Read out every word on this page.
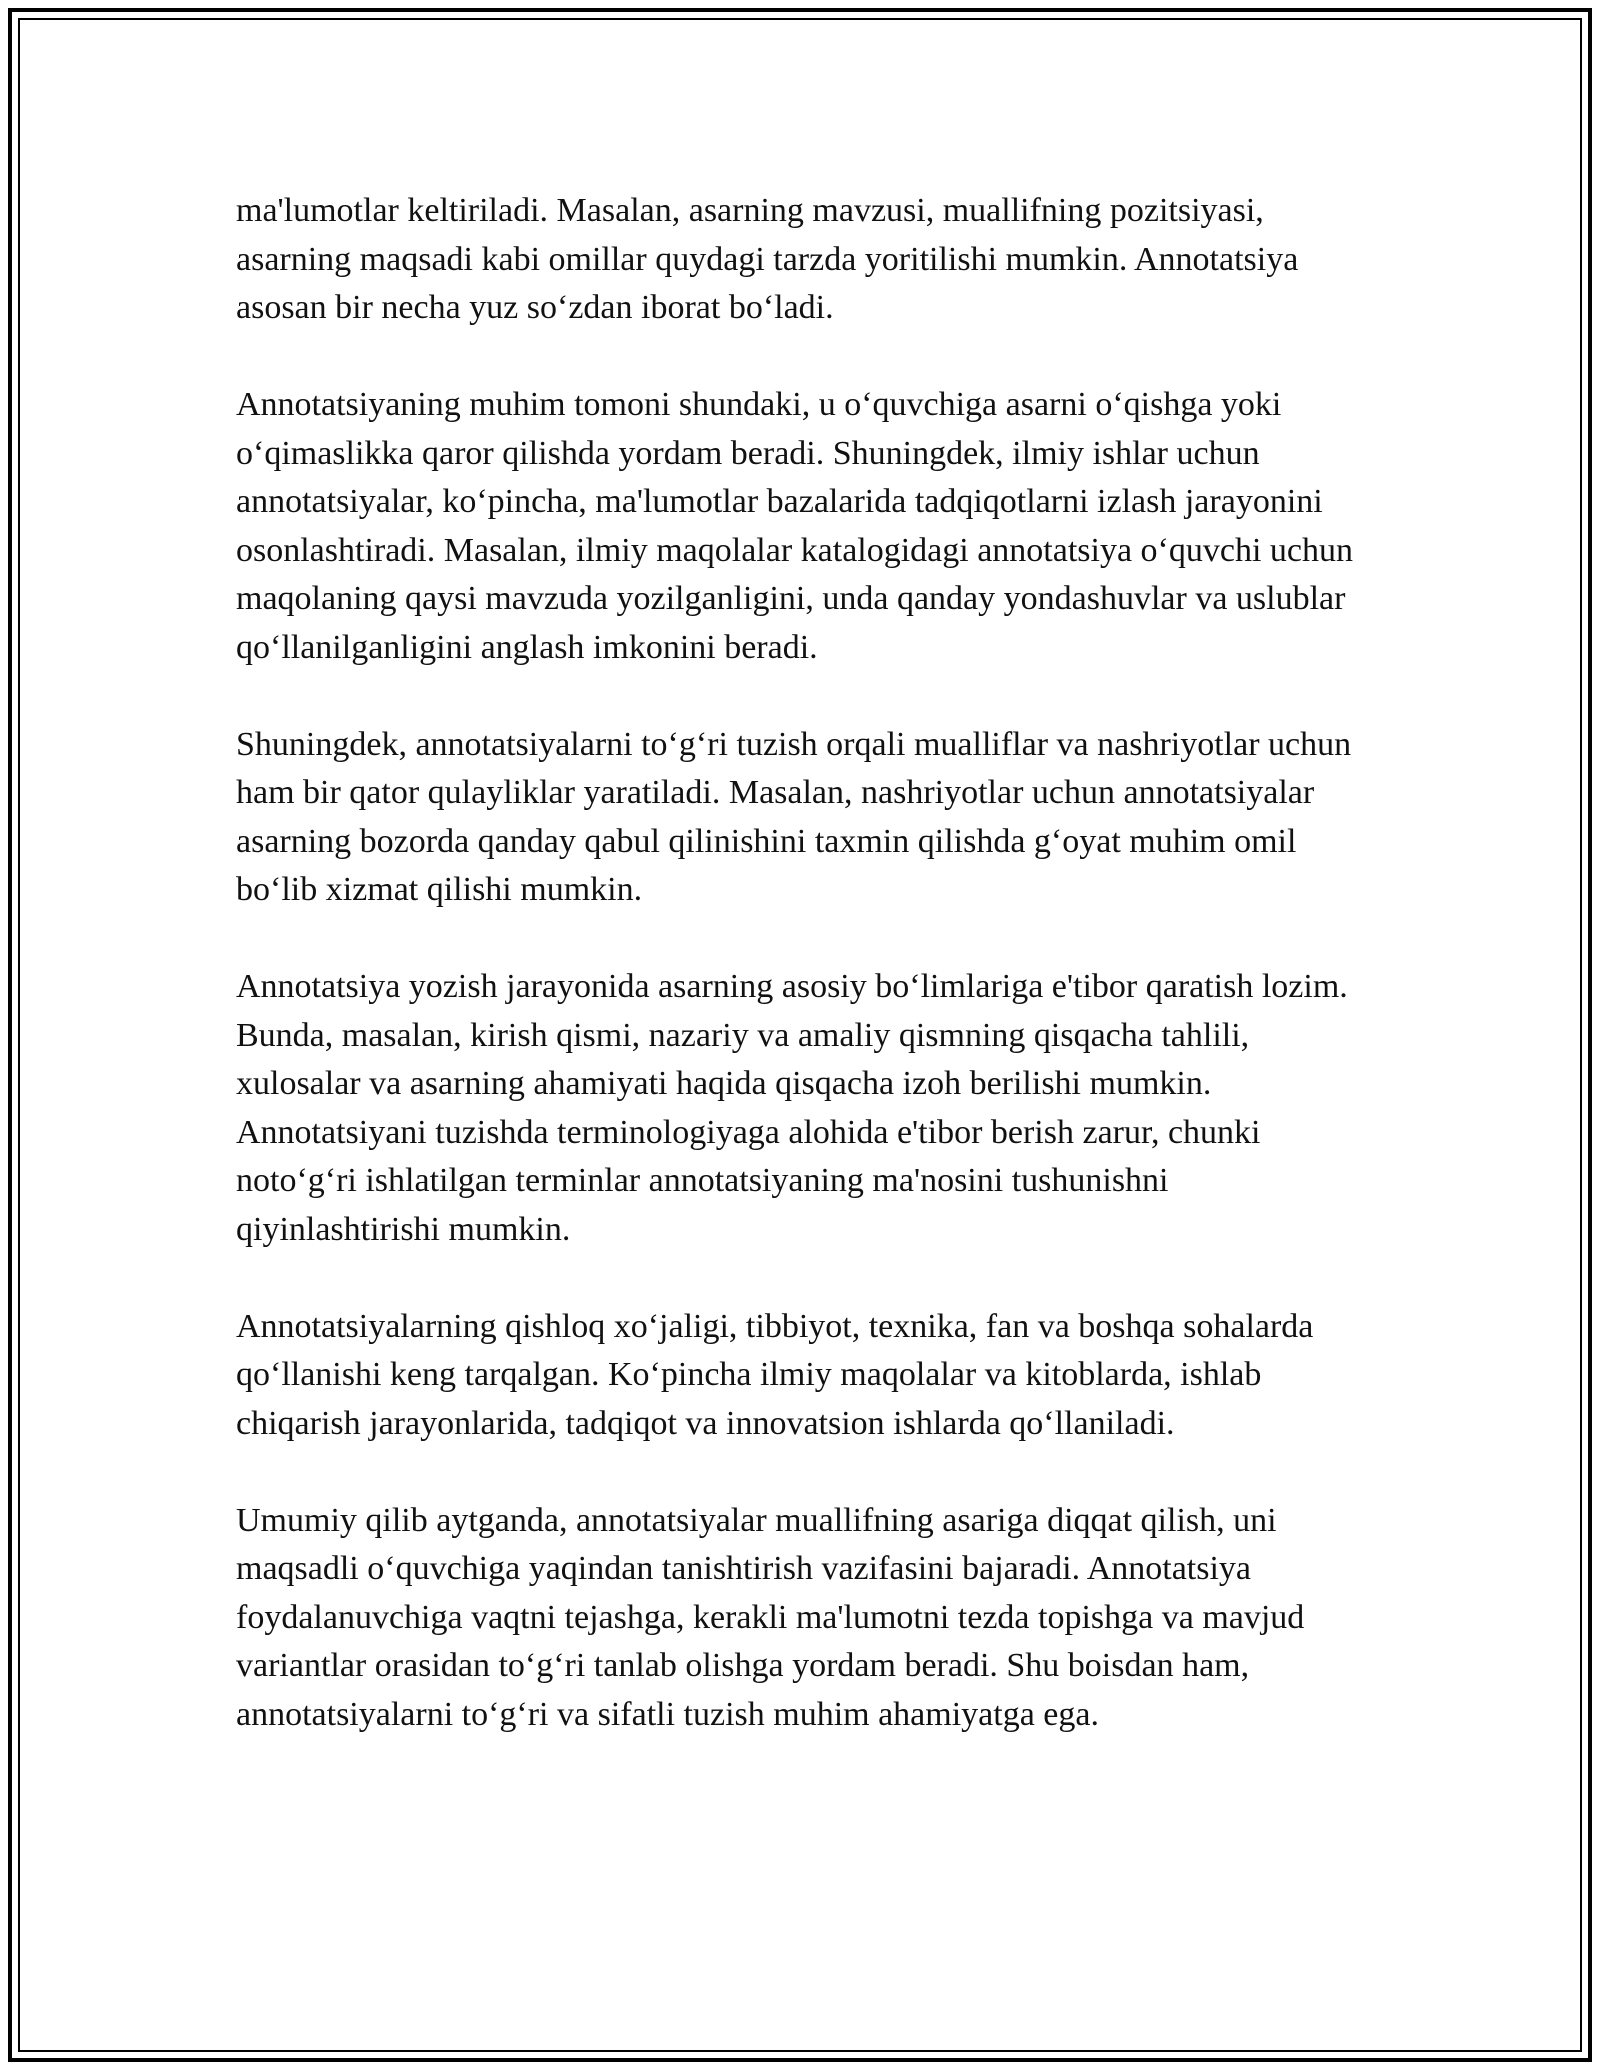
ma'lumotlar keltiriladi. Masalan, asarning mavzusi, muallifning pozitsiyasi, asarning maqsadi kabi omillar quydagi tarzda yoritilishi mumkin. Annotatsiya asosan bir necha yuz so‘zdan iborat bo‘ladi.

Annotatsiyaning muhim tomoni shundaki, u o‘quvchiga asarni o‘qishga yoki o‘qimaslikka qaror qilishda yordam beradi. Shuningdek, ilmiy ishlar uchun annotatsiyalar, ko‘pincha, ma'lumotlar bazalarida tadqiqotlarni izlash jarayonini osonlashtiradi. Masalan, ilmiy maqolalar katalogidagi annotatsiya o‘quvchi uchun maqolaning qaysi mavzuda yozilganligini, unda qanday yondashuvlar va uslublar qo‘llanilganligini anglash imkonini beradi.

Shuningdek, annotatsiyalarni to‘g‘ri tuzish orqali mualliflar va nashriyotlar uchun ham bir qator qulayliklar yaratiladi. Masalan, nashriyotlar uchun annotatsiyalar asarning bozorda qanday qabul qilinishini taxmin qilishda g‘oyat muhim omil bo‘lib xizmat qilishi mumkin.

Annotatsiya yozish jarayonida asarning asosiy bo‘limlariga e'tibor qaratish lozim. Bunda, masalan, kirish qismi, nazariy va amaliy qismning qisqacha tahlili, xulosalar va asarning ahamiyati haqida qisqacha izoh berilishi mumkin. Annotatsiyani tuzishda terminologiyaga alohida e'tibor berish zarur, chunki noto‘g‘ri ishlatilgan terminlar annotatsiyaning ma'nosini tushunishni qiyinlashtirishi mumkin.

Annotatsiyalarning qishloq xo‘jaligi, tibbiyot, texnika, fan va boshqa sohalarda qo‘llanishi keng tarqalgan. Ko‘pincha ilmiy maqolalar va kitoblarda, ishlab chiqarish jarayonlarida, tadqiqot va innovatsion ishlarda qo‘llaniladi.

Umumiy qilib aytganda, annotatsiyalar muallifning asariga diqqat qilish, uni maqsadli o‘quvchiga yaqindan tanishtirish vazifasini bajaradi. Annotatsiya foydalanuvchiga vaqtni tejashga, kerakli ma'lumotni tezda topishga va mavjud variantlar orasidan to‘g‘ri tanlab olishga yordam beradi. Shu boisdan ham, annotatsiyalarni to‘g‘ri va sifatli tuzish muhim ahamiyatga ega.
